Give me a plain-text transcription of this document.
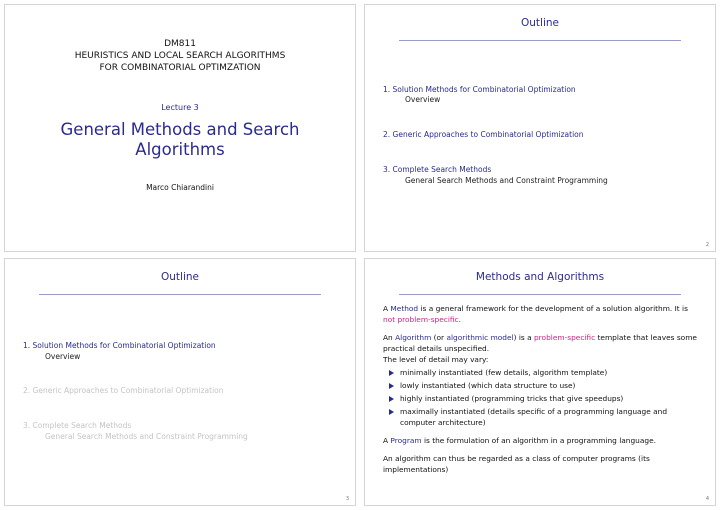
DM811
HEURISTICS AND LOCAL SEARCH ALGORITHMS
FOR COMBINATORIAL OPTIMZATION
Lecture 3
General Methods and Search
Algorithms
Marco Chiarandini
Outline
1. Solution Methods for Combinatorial Optimization
Overview
2. Generic Approaches to Combinatorial Optimization
3. Complete Search Methods
General Search Methods and Constraint Programming
2
Outline
1. Solution Methods for Combinatorial Optimization
Overview
2. Generic Approaches to Combinatorial Optimization
3. Complete Search Methods
General Search Methods and Constraint Programming
3
Methods and Algorithms

A Method is a general framework for the development of a solution algorithm. It is not problem-specific.

An Algorithm (or algorithmic model) is a problem-specific template that leaves some practical details unspecified.

The level of detail may vary:
minimally instantiated (few details, algorithm template)
lowly instantiated (which data structure to use)
highly instantiated (programming tricks that give speedups)
maximally instantiated (details specific of a programming language and computer architecture)

A Program is the formulation of an algorithm in a programming language.

An algorithm can thus be regarded as a class of computer programs (its implementations)

4
